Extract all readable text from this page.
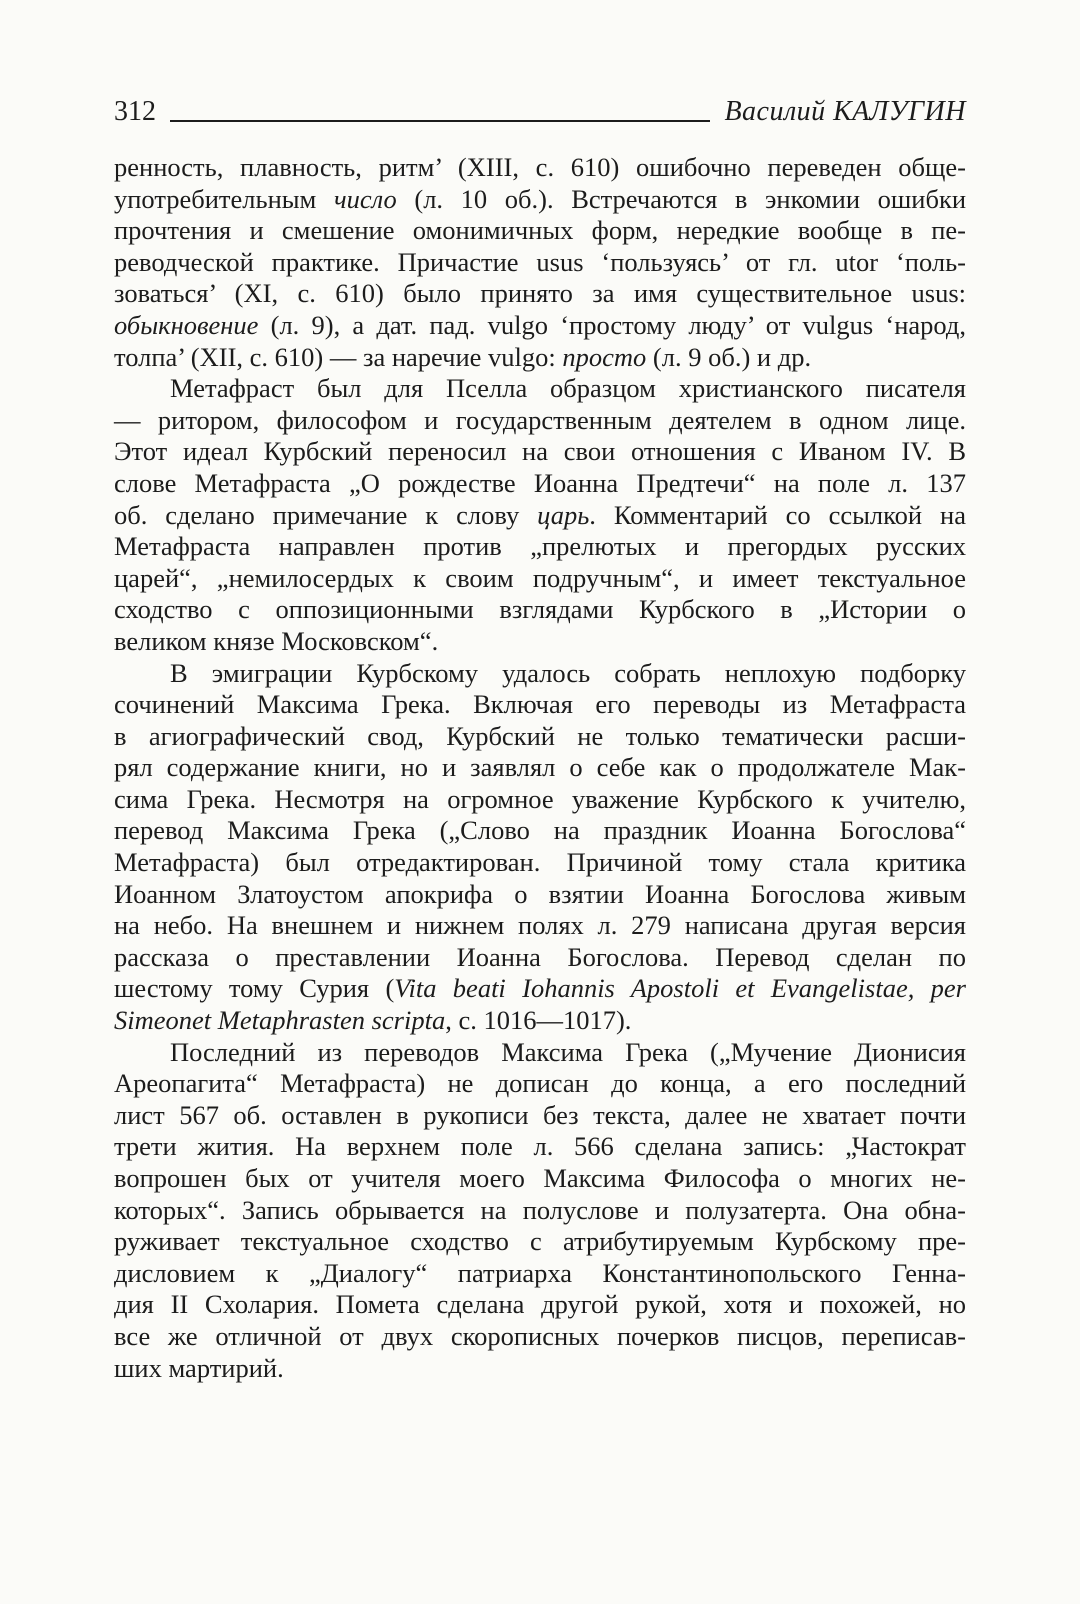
312	Василий КАЛУГИН
ренность, плавность, ритм’ (XIII, с. 610) ошибочно переведен обще-
употребительным число (л. 10 об.). Встречаются в энкомии ошибки
прочтения и смешение омонимичных форм, нередкие вообще в пе-
реводческой практике. Причастие usus ‘пользуясь’ от гл. utor ‘поль-
зоваться’ (XI, с. 610) было принято за имя существительное usus:
обыкновение (л. 9), а дат. пад. vulgo ‘простому люду’ от vulgus ‘народ,
толпа’ (XII, с. 610) — за наречие vulgo: просто (л. 9 об.) и др.
Метафраст был для Пселла образцом христианского писателя
— ритором, философом и государственным деятелем в одном лице.
Этот идеал Курбский переносил на свои отношения с Иваном IV. В
слове Метафраста „О рождестве Иоанна Предтечи“ на поле л. 137
об. сделано примечание к слову царь. Комментарий со ссылкой на
Метафраста направлен против „прелютых и прегордых русских
царей“, „немилосердых к своим подручным“, и имеет текстуальное
сходство с оппозиционными взглядами Курбского в „Истории о
великом князе Московском“.
В эмиграции Курбскому удалось собрать неплохую подборку
сочинений Максима Грека. Включая его переводы из Метафраста
в агиографический свод, Курбский не только тематически расши-
рял содержание книги, но и заявлял о себе как о продолжателе Мак-
сима Грека. Несмотря на огромное уважение Курбского к учителю,
перевод Максима Грека („Слово на праздник Иоанна Богослова“
Метафраста) был отредактирован. Причиной тому стала критика
Иоанном Златоустом апокрифа о взятии Иоанна Богослова живым
на небо. На внешнем и нижнем полях л. 279 написана другая версия
рассказа о преставлении Иоанна Богослова. Перевод сделан по
шестому тому Сурия (Vita beati Iohannis Apostoli et Evangelistae, per
Simeonet Metaphrasten scripta, с. 1016—1017).
Последний из переводов Максима Грека („Мучение Дионисия
Ареопагита“ Метафраста) не дописан до конца, а его последний
лист 567 об. оставлен в рукописи без текста, далее не хватает почти
трети жития. На верхнем поле л. 566 сделана запись: „Частократ
вопрошен бых от учителя моего Максима Философа о многих не-
которых“. Запись обрывается на полуслове и полузатерта. Она обна-
руживает текстуальное сходство с атрибутируемым Курбскому пре-
дисловием к „Диалогу“ патриарха Константинопольского Генна-
дия II Схолария. Помета сделана другой рукой, хотя и похожей, но
все же отличной от двух скорописных почерков писцов, переписав-
ших мартирий.
